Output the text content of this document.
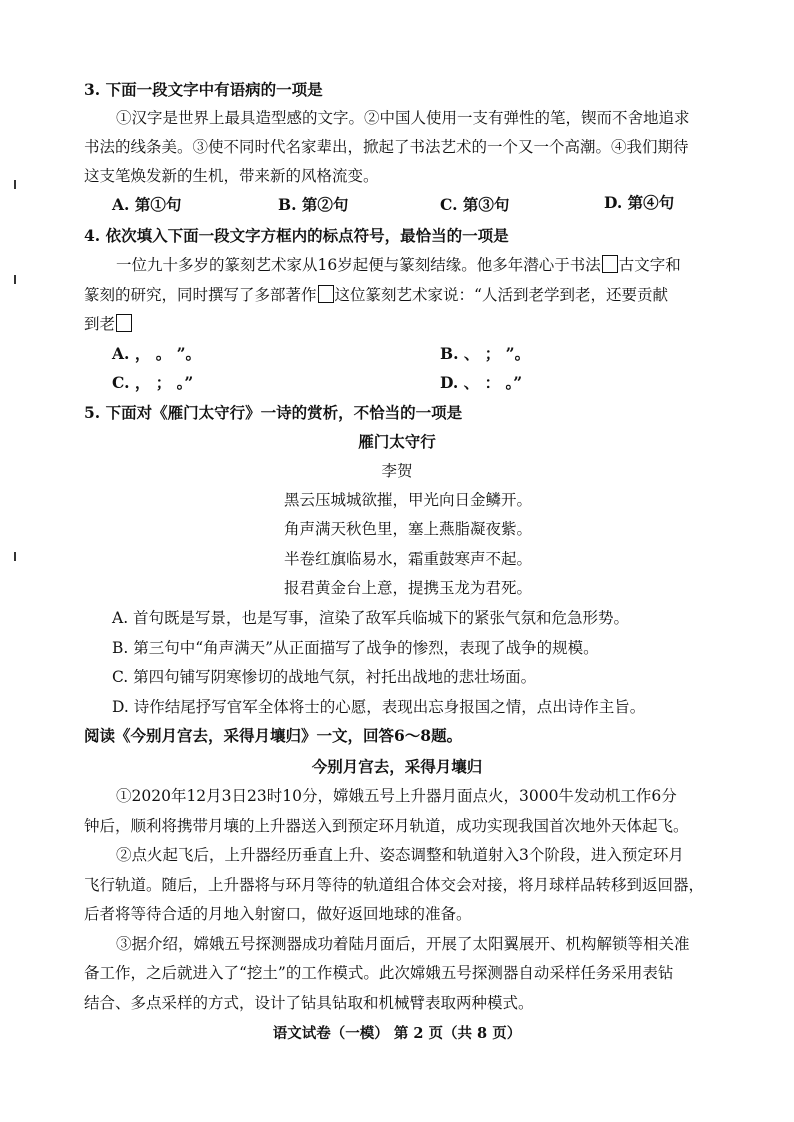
3. 下面一段文字中有语病的一项是
①汉字是世界上最具造型感的文字。②中国人使用一支有弹性的笔，锲而不舍地追求
书法的线条美。③使不同时代名家辈出，掀起了书法艺术的一个又一个高潮。④我们期待
这支笔焕发新的生机，带来新的风格流变。
A. 第①句	B. 第②句	C. 第③句	D. 第④句
4. 依次填入下面一段文字方框内的标点符号，最恰当的一项是
一位九十多岁的篆刻艺术家从16岁起便与篆刻结缘。他多年潜心于书法 古文字和
篆刻的研究，同时撰写了多部著作 这位篆刻艺术家说：“人活到老学到老，还要贡献
到老
A. ， 。 ”。	B. 、 ； ”。
C. ， ； 。”	D. 、 ： 。”
5. 下面对《雁门太守行》一诗的赏析，不恰当的一项是
雁门太守行
李贺
黑云压城城欲摧，甲光向日金鳞开。
角声满天秋色里，塞上燕脂凝夜紫。
半卷红旗临易水，霜重鼓寒声不起。
报君黄金台上意，提携玉龙为君死。
A. 首句既是写景，也是写事，渲染了敌军兵临城下的紧张气氛和危急形势。
B. 第三句中“角声满天”从正面描写了战争的惨烈，表现了战争的规模。
C. 第四句铺写阴寒惨切的战地气氛，衬托出战地的悲壮场面。
D. 诗作结尾抒写官军全体将士的心愿，表现出忘身报国之情，点出诗作主旨。
阅读《今别月宫去，采得月壤归》一文，回答6～8题。
今别月宫去，采得月壤归
①2020年12月3日23时10分，嫦娥五号上升器月面点火，3000牛发动机工作6分
钟后，顺利将携带月壤的上升器送入到预定环月轨道，成功实现我国首次地外天体起飞。
②点火起飞后，上升器经历垂直上升、姿态调整和轨道射入3个阶段，进入预定环月
飞行轨道。随后，上升器将与环月等待的轨道组合体交会对接，将月球样品转移到返回器，
后者将等待合适的月地入射窗口，做好返回地球的准备。
③据介绍，嫦娥五号探测器成功着陆月面后，开展了太阳翼展开、机构解锁等相关准
备工作，之后就进入了“挖土”的工作模式。此次嫦娥五号探测器自动采样任务采用表钻
结合、多点采样的方式，设计了钻具钻取和机械臂表取两种模式。
语文试卷（一模） 第 2 页（共 8 页）
